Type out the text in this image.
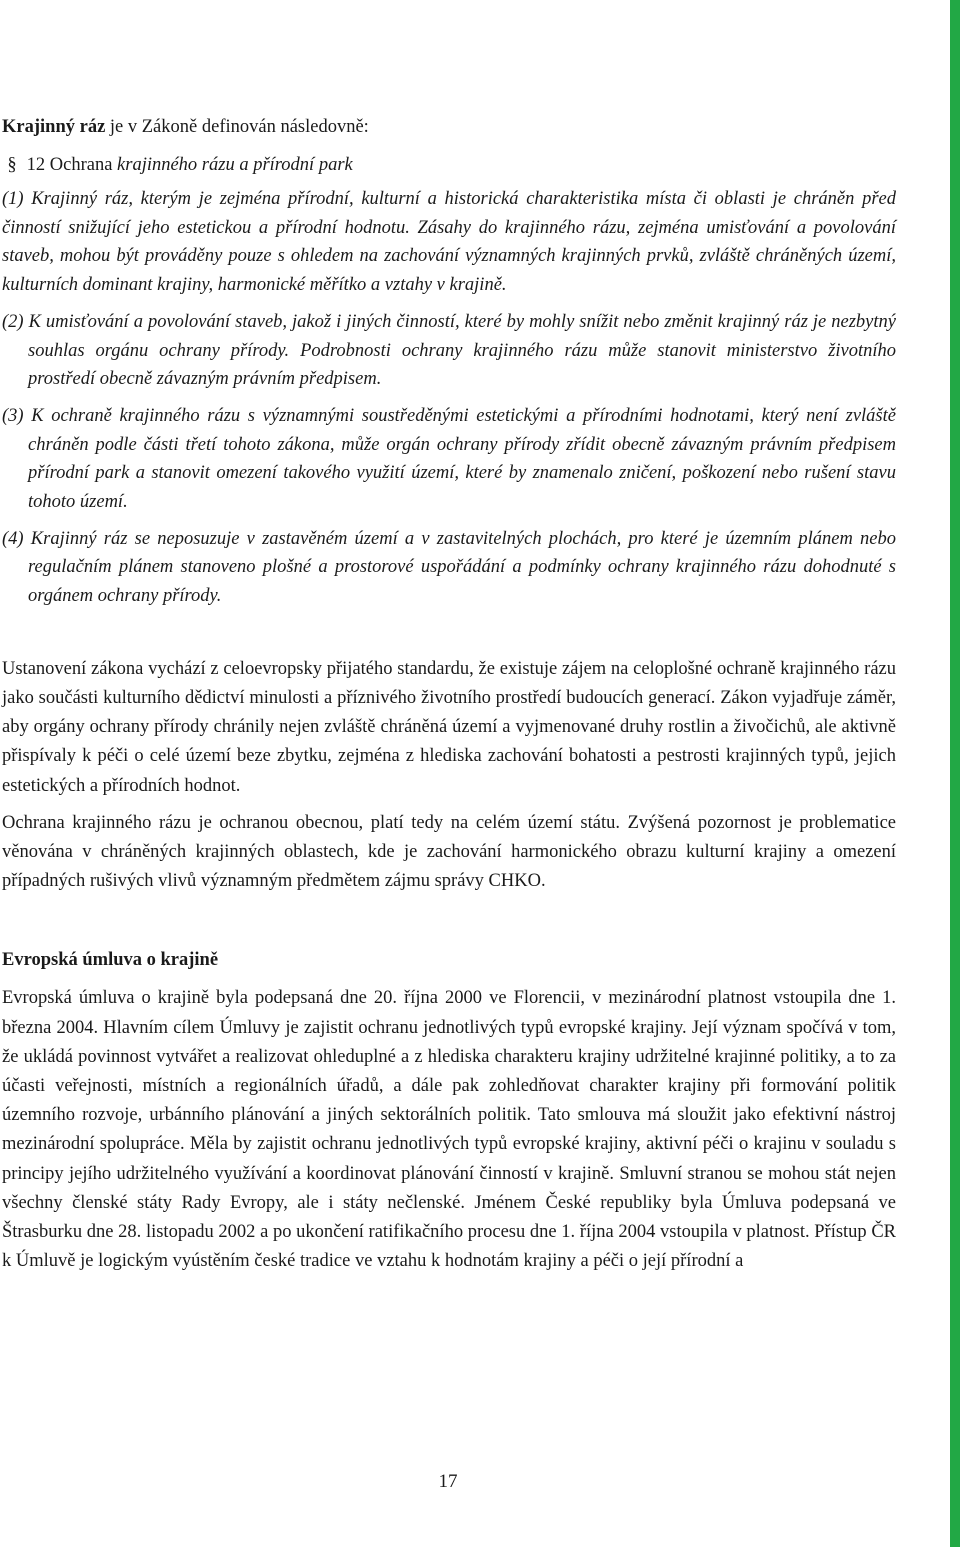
Krajinný ráz je v Zákoně definován následovně:

§ 12 Ochrana krajinného rázu a přírodní park

(1) Krajinný ráz, kterým je zejména přírodní, kulturní a historická charakteristika místa či oblasti je chráněn před činností snižující jeho estetickou a přírodní hodnotu. Zásahy do krajinného rázu, zejména umisťování a povolování staveb, mohou být prováděny pouze s ohledem na zachování významných krajinných prvků, zvláště chráněných území, kulturních dominant krajiny, harmonické měřítko a vztahy v krajině.

(2) K umisťování a povolování staveb, jakož i jiných činností, které by mohly snížit nebo změnit krajinný ráz je nezbytný souhlas orgánu ochrany přírody. Podrobnosti ochrany krajinného rázu může stanovit ministerstvo životního prostředí obecně závazným právním předpisem.

(3) K ochraně krajinného rázu s významnými soustředěnými estetickými a přírodními hodnotami, který není zvláště chráněn podle části třetí tohoto zákona, může orgán ochrany přírody zřídit obecně závazným právním předpisem přírodní park a stanovit omezení takového využití území, které by znamenalo zničení, poškození nebo rušení stavu tohoto území.

(4) Krajinný ráz se neposuzuje v zastavěném území a v zastavitelných plochách, pro které je územním plánem nebo regulačním plánem stanoveno plošné a prostorové uspořádání a podmínky ochrany krajinného rázu dohodnuté s orgánem ochrany přírody.

Ustanovení zákona vychází z celoevropsky přijatého standardu, že existuje zájem na celoplošné ochraně krajinného rázu jako součásti kulturního dědictví minulosti a příznivého životního prostředí budoucích generací. Zákon vyjadřuje záměr, aby orgány ochrany přírody chránily nejen zvláště chráněná území a vyjmenované druhy rostlin a živočichů, ale aktivně přispívaly k péči o celé území beze zbytku, zejména z hlediska zachování bohatosti a pestrosti krajinných typů, jejich estetických a přírodních hodnot.

Ochrana krajinného rázu je ochranou obecnou, platí tedy na celém území státu. Zvýšená pozornost je problematice věnována v chráněných krajinných oblastech, kde je zachování harmonického obrazu kulturní krajiny a omezení případných rušivých vlivů významným předmětem zájmu správy CHKO.

Evropská úmluva o krajině

Evropská úmluva o krajině byla podepsaná dne 20. října 2000 ve Florencii, v mezinárodní platnost vstoupila dne 1. března 2004. Hlavním cílem Úmluvy je zajistit ochranu jednotlivých typů evropské krajiny. Její význam spočívá v tom, že ukládá povinnost vytvářet a realizovat ohleduplné a z hlediska charakteru krajiny udržitelné krajinné politiky, a to za účasti veřejnosti, místních a regionálních úřadů, a dále pak zohledňovat charakter krajiny při formování politik územního rozvoje, urbánního plánování a jiných sektorálních politik. Tato smlouva má sloužit jako efektivní nástroj mezinárodní spolupráce. Měla by zajistit ochranu jednotlivých typů evropské krajiny, aktivní péči o krajinu v souladu s principy jejího udržitelného využívání a koordinovat plánování činností v krajině. Smluvní stranou se mohou stát nejen všechny členské státy Rady Evropy, ale i státy nečlenské. Jménem České republiky byla Úmluva podepsaná ve Štrasburku dne 28. listopadu 2002 a po ukončení ratifikačního procesu dne 1. října 2004 vstoupila v platnost. Přístup ČR k Úmluvě je logickým vyústěním české tradice ve vztahu k hodnotám krajiny a péči o její přírodní a

17
